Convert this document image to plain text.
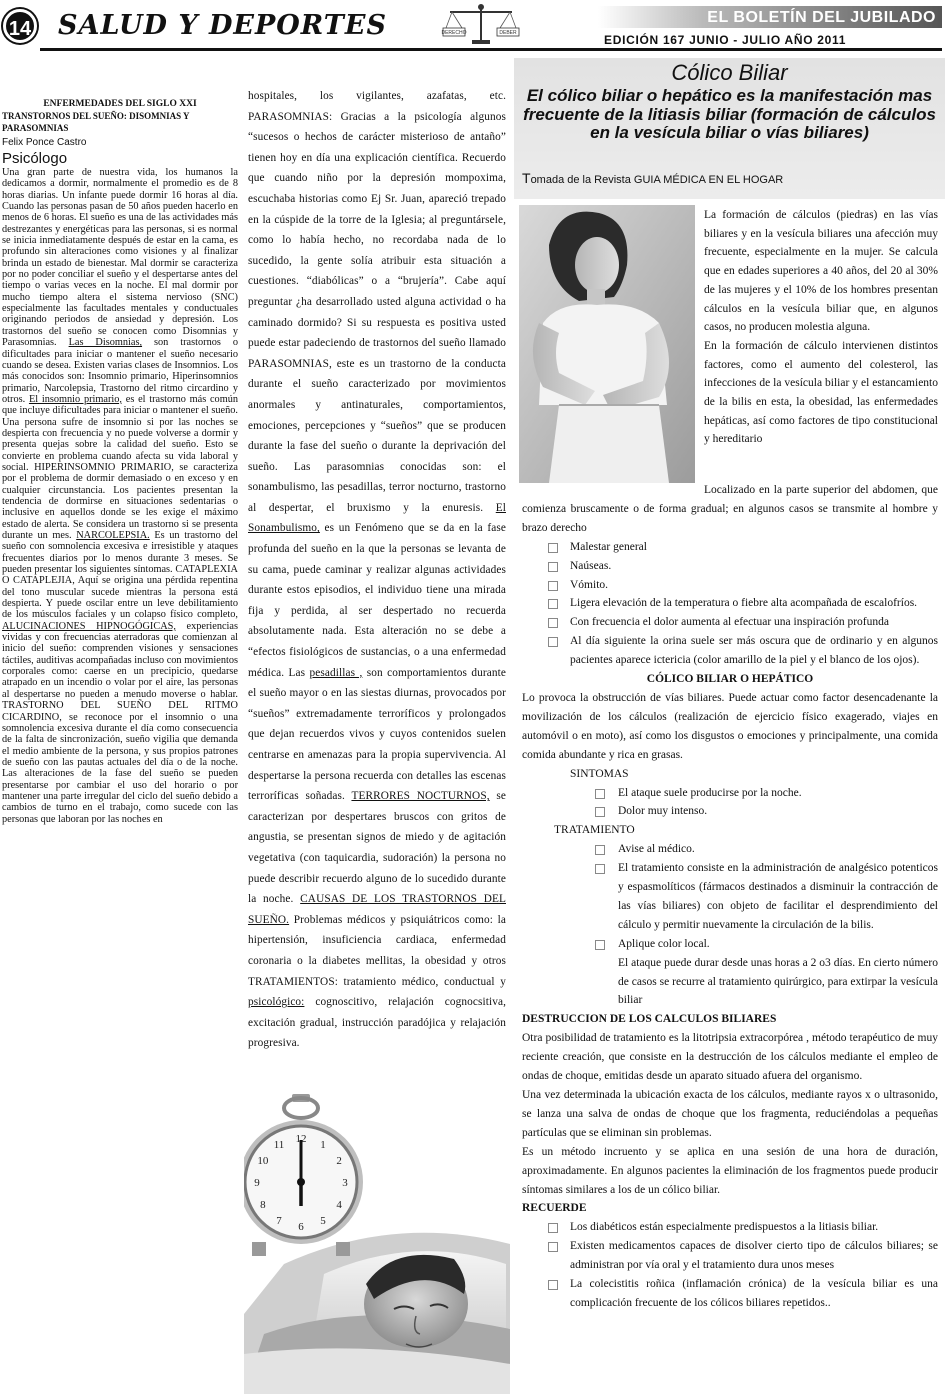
14 SALUD Y DEPORTES	DERECHO	DEBER
EL BOLETÍN DEL JUBILADO
EDICIÓN 167 JUNIO - JULIO AÑO 2011
ENFERMEDADES DEL SIGLO XXI
TRANSTORNOS DEL SUEÑO: DISOMNIAS Y PARASOMNIAS
Felix Ponce Castro
Psicólogo
Una gran parte de nuestra vida, los humanos la dedicamos a dormir, normalmente el promedio es de 8 horas diarias. Un infante puede dormir 16 horas al día. Cuando las personas pasan de 50 años pueden hacerlo en menos de 6 horas. El sueño es una de las actividades más destrezantes y energéticas para las personas, si es normal se inicia inmediatamente después de estar en la cama, es profundo sin alteraciones como visiones y al finalizar brinda un estado de bienestar. Mal dormir se caracteriza por no poder conciliar el sueño y el despertarse antes del tiempo o varias veces en la noche. El mal dormir por mucho tiempo altera el sistema nervioso (SNC) especialmente las facultades mentales y conductuales originando periodos de ansiedad y depresión. Los trastornos del sueño se conocen como Disomnias y Parasomnias. Las Disomnias, son trastornos o dificultades para iniciar o mantener el sueño necesario cuando se desea. Existen varias clases de Insomnios. Los más conocidos son: Insomnio primario, Hiperinsomnios primario, Narcolepsia, Trastorno del ritmo circardino y otros. El insomnio primario, es el trastorno más común que incluye dificultades para iniciar o mantener el sueño. Una persona sufre de insomnio si por las noches se despierta con frecuencia y no puede volverse a dormir y presenta quejas sobre la calidad del sueño. Esto se convierte en problema cuando afecta su vida laboral y social. HIPERINSOMNIO PRIMARIO, se caracteriza por el problema de dormir demasiado o en exceso y en cualquier circunstancia. Los pacientes presentan la tendencia de dormirse en situaciones sedentarias o inclusive en aquellos donde se les exige el máximo estado de alerta. Se considera un trastorno si se presenta durante un mes. NARCOLEPSIA. Es un trastorno del sueño con somnolencia excesiva e irresistible y ataques frecuentes diarios por lo menos durante 3 meses. Se pueden presentar los siguientes síntomas. CATAPLEXIA O CATAPLEJIA, Aquí se origina una pérdida repentina del tono muscular sucede mientras la persona está despierta. Y puede oscilar entre un leve debilitamiento de los músculos faciales y un colapso físico completo, ALUCINACIONES HIPNOGÓGICAS, experiencias vividas y con frecuencias aterradoras que comienzan al inicio del sueño: comprenden visiones y sensaciones táctiles, auditivas acompañadas incluso con movimientos corporales como: caerse en un precipicio, quedarse atrapado en un incendio o volar por el aire, las personas al despertarse no pueden a menudo moverse o hablar. TRASTORNO DEL SUEÑO DEL RITMO CICARDINO, se reconoce por el insomnio o una somnolencia excesiva durante el día como consecuencia de la falta de sincronización, sueño vigilia que demanda el medio ambiente de la persona, y sus propios patrones de sueño con las pautas actuales del día o de la noche. Las alteraciones de la fase del sueño se pueden presentarse por cambiar el uso del horario o por mantener una parte irregular del ciclo del sueño debido a cambios de turno en el trabajo, como sucede con las personas que laboran por las noches en
hospitales, los vigilantes, azafatas, etc. PARASOMNIAS: Gracias a la psicología algunos “sucesos o hechos de carácter misterioso de antaño” tienen hoy en día una explicación científica. Recuerdo que cuando niño por la depresión mompoxima, escuchaba historias como Ej Sr. Juan, apareció trepado en la cúspide de la torre de la Iglesia; al preguntársele, como lo había hecho, no recordaba nada de lo sucedido, la gente solía atribuir esta situación a cuestiones. “diabólicas” o a “brujería”. Cabe aquí preguntar ¿ha desarrollado usted alguna actividad o ha caminado dormido? Si su respuesta es positiva usted puede estar padeciendo de trastornos del sueño llamado PARASOMNIAS, este es un trastorno de la conducta durante el sueño caracterizado por movimientos anormales y antinaturales, comportamientos, emociones, percepciones y “sueños” que se producen durante la fase del sueño o durante la deprivación del sueño. Las parasomnias conocidas son: el sonambulismo, las pesadillas, terror nocturno, trastorno al despertar, el bruxismo y la enuresis. El Sonambulismo, es un Fenómeno que se da en la fase profunda del sueño en la que la personas se levanta de su cama, puede caminar y realizar algunas actividades durante estos episodios, el individuo tiene una mirada fija y perdida, al ser despertado no recuerda absolutamente nada. Esta alteración no se debe a “efectos fisiológicos de sustancias, o a una enfermedad médica. Las pesadillas , son comportamientos durante el sueño mayor o en las siestas diurnas, provocados por “sueños” extremadamente terroríficos y prolongados que dejan recuerdos vivos y cuyos contenidos suelen centrarse en amenazas para la propia supervivencia. Al despertarse la persona recuerda con detalles las escenas terroríficas soñadas. TERRORES NOCTURNOS, se caracterizan por despertares bruscos con gritos de angustia, se presentan signos de miedo y de agitación vegetativa (con taquicardia, sudoración) la persona no puede describir recuerdo alguno de lo sucedido durante la noche. CAUSAS DE LOS TRASTORNOS DEL SUEÑO. Problemas médicos y psiquiátricos como: la hipertensión, insuficiencia cardiaca, enfermedad coronaria o la diabetes mellitas, la obesidad y otros TRATAMIENTOS: tratamiento médico, conductual y psicológico: cognoscitivo, relajación cognocsitiva, excitación gradual, instrucción paradójica y relajación progresiva.
12 1
2
3
4
5
6
7
8
9
10
11
Cólico Biliar
El cólico biliar o hepático es la manifestación mas frecuente de la litiasis biliar (formación de cálculos en la vesícula biliar o vías biliares)
Tomada de la Revista GUIA MÉDICA EN EL HOGAR
La formación de cálculos (piedras) en las vías biliares y en la vesícula biliares una afección muy frecuente, especialmente en la mujer. Se calcula que en edades superiores a 40 años, del 20 al 30% de las mujeres y el 10% de los hombres presentan cálculos en la vesícula biliar que, en algunos casos, no producen molestia alguna.
En la formación de cálculo intervienen distintos factores, como el aumento del colesterol, las infecciones de la vesícula biliar y el estancamiento de la bilis en esta, la obesidad, las enfermedades hepáticas, así como factores de tipo constitucional y hereditario
Localizado en la parte superior del abdomen, que comienza bruscamente o de forma gradual; en algunos casos se transmite al hombre y brazo derecho
Malestar general
Naúseas.
Vómito.
Ligera elevación de la temperatura o fiebre alta acompañada de escalofríos.
Con frecuencia el dolor aumenta al efectuar una inspiración profunda
Al día siguiente la orina suele ser más oscura que de ordinario y en algunos pacientes aparece ictericia (color amarillo de la piel y el blanco de los ojos).
CÓLICO BILIAR O HEPÁTICO
Lo provoca la obstrucción de vías biliares. Puede actuar como factor desencadenante la movilización de los cálculos (realización de ejercicio físico exagerado, viajes en automóvil o en moto), así como los disgustos o emociones y principalmente, una comida comida abundante y rica en grasas.
SINTOMAS
El ataque suele producirse por la noche.
Dolor muy intenso.
TRATAMIENTO
Avise al médico.
El tratamiento consiste en la administración de analgésico potenticos y espasmolíticos (fármacos destinados a disminuir la contracción de las vías biliares) con objeto de facilitar el desprendimiento del cálculo y permitir nuevamente la circulación de la bilis.
Aplique color local.
El ataque puede durar desde unas horas a 2 o3 días. En cierto número de casos se recurre al tratamiento quirúrgico, para extirpar la vesícula biliar
DESTRUCCION DE LOS CALCULOS BILIARES
Otra posibilidad de tratamiento es la litotripsia extracorpórea , método terapéutico de muy reciente creación, que consiste en la destrucción de los cálculos mediante el empleo de ondas de choque, emitidas desde un aparato situado afuera del organismo.
Una vez determinada la ubicación exacta de los cálculos, mediante rayos x o ultrasonido, se lanza una salva de ondas de choque que los fragmenta, reduciéndolas a pequeñas partículas que se eliminan sin problemas.
Es un método incruento y se aplica en una sesión de una hora de duración, aproximadamente. En algunos pacientes la eliminación de los fragmentos puede producir síntomas similares a los de un cólico biliar.
RECUERDE
Los diabéticos están especialmente predispuestos a la litiasis biliar.
Existen medicamentos capaces de disolver cierto tipo de cálculos biliares; se administran por vía oral y el tratamiento dura unos meses
La colecistitis roñica (inflamación crónica) de la vesícula biliar es una complicación frecuente de los cólicos biliares repetidos..
